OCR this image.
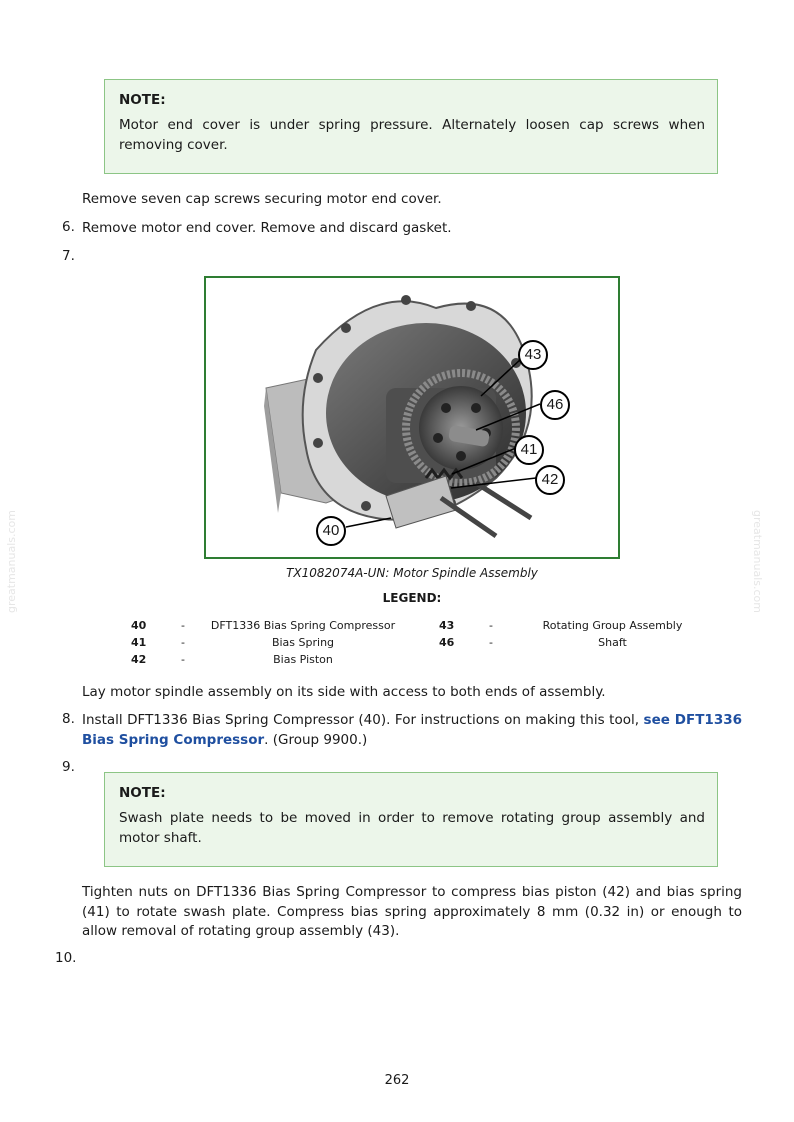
greatmanuals.com	greatmanuals.com
NOTE:
Motor end cover is under spring pressure. Alternately loosen cap screws when removing cover.
Remove seven cap screws securing motor end cover.
6. Remove motor end cover. Remove and discard gasket.
7.
43
46
41
42
40
TX1082074A-UN: Motor Spindle Assembly
LEGEND:
40	-	DFT1336 Bias Spring Compressor
41	-	Bias Spring
42	-	Bias Piston
43	-	Rotating Group Assembly
46	-	Shaft
Lay motor spindle assembly on its side with access to both ends of assembly.
8. Install DFT1336 Bias Spring Compressor (40). For instructions on making this tool, see DFT1336 Bias Spring Compressor. (Group 9900.)
9.
NOTE:
Swash plate needs to be moved in order to remove rotating group assembly and motor shaft.
Tighten nuts on DFT1336 Bias Spring Compressor to compress bias piston (42) and bias spring (41) to rotate swash plate. Compress bias spring approximately 8 mm (0.32 in) or enough to allow removal of rotating group assembly (43).
10.
262
